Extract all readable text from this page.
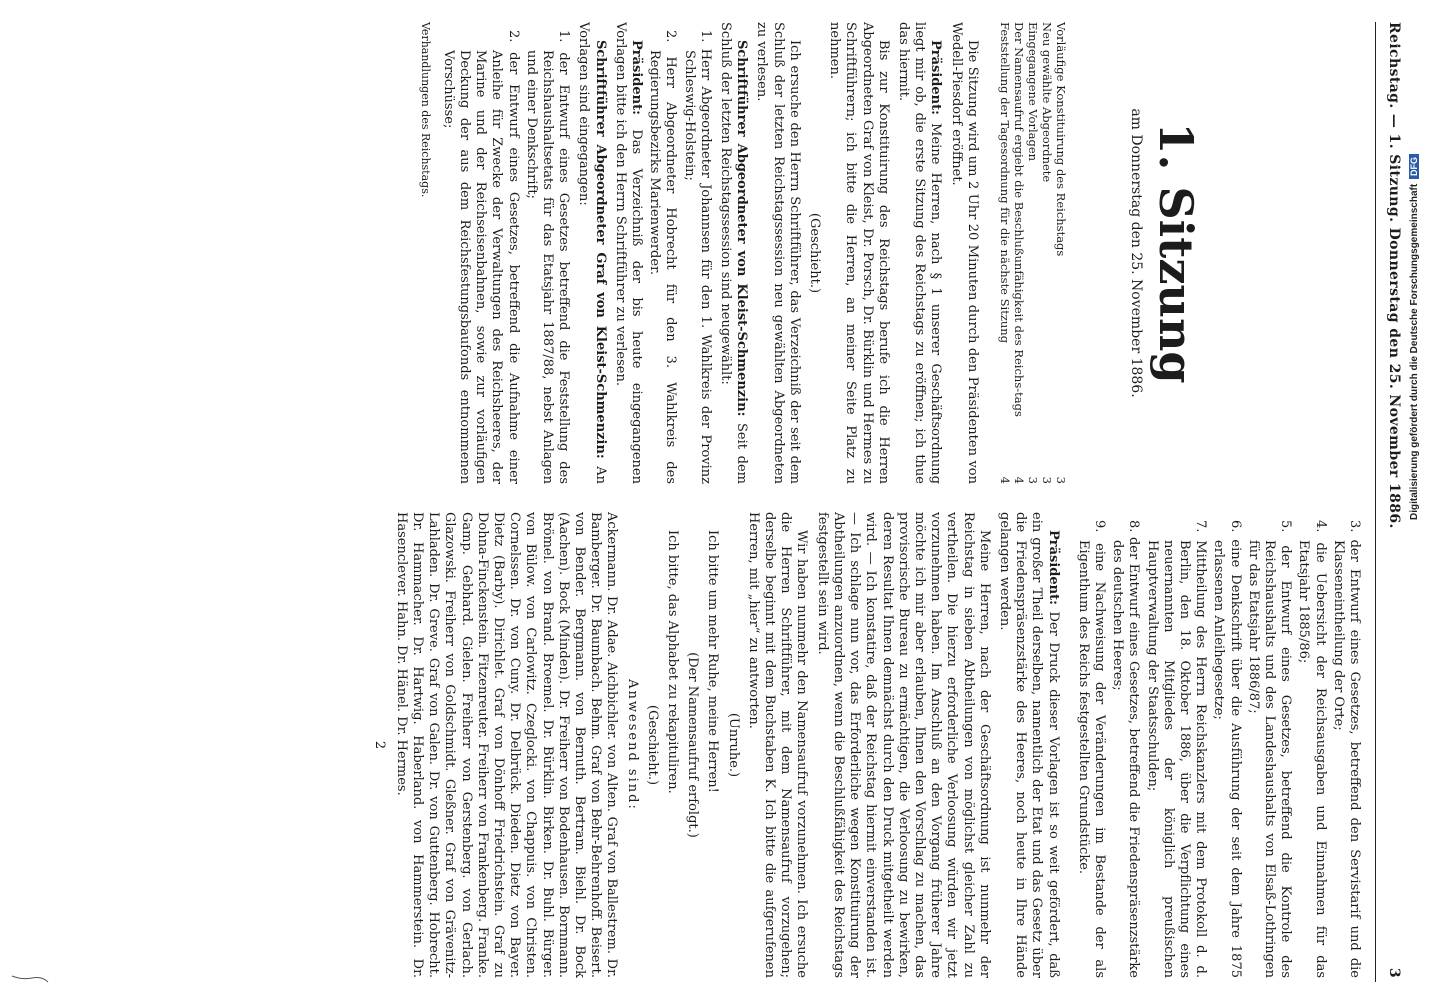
Reichstag. — 1. Sitzung. Donnerstag den 25. November 1886.
3
1. Sitzung
am Donnerstag den 25. November 1886.
Vorläufige Konstituirung des Reichstags
3
Neu gewählte Abgeordnete
3
Eingegangene Vorlagen
3
Der Namensaufruf ergiebt die Beschlußunfähigkeit des Reichs-tags
4
Feststellung der Tagesordnung für die nächste Sitzung
4

Die Sitzung wird um 2 Uhr 20 Minuten durch den Präsidenten von Wedell-Piesdorf eröffnet.

Präsident: Meine Herren, nach § 1 unserer Geschäftsordnung liegt mir ob, die erste Sitzung des Reichstags zu eröffnen; ich thue das hiermit.

Bis zur Konstituirung des Reichstags berufe ich die Herren Abgeordneten Graf von Kleist, Dr. Porsch, Dr. Bürklin und Hermes zu Schriftführern; ich bitte die Herren, an meiner Seite Platz zu nehmen.

(Geschieht.)

Ich ersuche den Herrn Schriftführer, das Verzeichniß der seit dem Schluß der letzten Reichstagssession neu gewählten Abgeordneten zu verlesen.

Schriftführer Abgeordneter von Kleist-Schmenzin: Seit dem Schluß der letzten Reichstagssession sind neugewählt:

1. Herr Abgeordneter Johannsen für den 1. Wahlkreis der Provinz Schleswig-Holstein;

2. Herr Abgeordneter Hobrecht für den 3. Wahlkreis des Regierungsbezirks Marienwerder.

Präsident: Das Verzeichniß der bis heute eingegangenen Vorlagen bitte ich den Herrn Schriftführer zu verlesen.

Schriftführer Abgeordneter Graf von Kleist-Schmenzin: An Vorlagen sind eingegangen:

1. der Entwurf eines Gesetzes betreffend die Feststellung des Reichshaushaltsetats für das Etatsjahr 1887/88, nebst Anlagen und einer Denkschrift;

2. der Entwurf eines Gesetzes, betreffend die Aufnahme einer Anleihe für Zwecke der Verwaltungen des Reichsheeres, der Marine und der Reichseisenbahnen, sowie zur vorläufigen Deckung der aus dem Reichsfestungsbaufonds entnommenen Vorschüsse;

Verhandlungen des Reichstags.

3. der Entwurf eines Gesetzes, betreffend den Servistarif und die Klasseneintheilung der Orte;

4. die Uebersicht der Reichsausgaben und Einnahmen für das Etatsjahr 1885/86;

5. der Entwurf eines Gesetzes, betreffend die Kontrole des Reichshaushalts und des Landeshaushalts von Elsaß-Lothringen für das Etatsjahr 1886/87;

6. eine Denkschrift über die Ausführung der seit dem Jahre 1875 erlassenen Anleihegesetze;

7. Mittheilung des Herrn Reichskanzlers mit dem Protokoll d. d. Berlin, den 18. Oktober 1886, über die Verpflichtung eines neuernannten Mitgliedes der königlich preußischen Hauptverwaltung der Staatsschulden;

8. der Entwurf eines Gesetzes, betreffend die Friedenspräsenzstärke des deutschen Heeres;

9. eine Nachweisung der Veränderungen im Bestande der als Eigenthum des Reichs festgestellten Grundstücke.

Präsident: Der Druck dieser Vorlagen ist so weit gefördert, daß ein großer Theil derselben, namentlich der Etat und das Gesetz über die Friedenspräsenzstärke des Heeres, noch heute in Ihre Hände gelangen werden.

Meine Herren, nach der Geschäftsordnung ist nunmehr der Reichstag in sieben Abtheilungen von möglichst gleicher Zahl zu vertheilen. Die hierzu erforderliche Verloosung würden wir jetzt vorzunehmen haben. Im Anschluß an den Vorgang früherer Jahre möchte ich mir aber erlauben, Ihnen den Vorschlag zu machen, das provisorische Bureau zu ermächtigen, die Verloosung zu bewirken, deren Resultat Ihnen demnächst durch den Druck mitgetheilt werden wird. — Ich konstatire, daß der Reichstag hiermit einverstanden ist. — Ich schlage nun vor, das Erforderliche wegen Konstituirung der Abtheilungen anzuordnen, wenn die Beschlußfähigkeit des Reichstags festgestellt sein wird.

Wir haben nunmehr den Namensaufruf vorzunehmen. Ich ersuche die Herren Schriftführer, mit dem Namensaufruf vorzugehen; derselbe beginnt mit dem Buchstaben K. Ich bitte die aufgerufenen Herren, mit „hier“ zu antworten.

(Unruhe.)

Ich bitte um mehr Ruhe, meine Herren!

(Der Namensaufruf erfolgt.)

Ich bitte, das Alphabet zu rekapituliren.

(Geschieht.)

Anwesend sind:

Ackermann. Dr. Adae. Aichbichler. von Alten. Graf von Ballestrem. Dr. Bamberger. Dr. Baumbach. Behm. Graf von Behr-Behrenhoff. Beisert. von Bender. Bergmann. von Bernuth. Bertram. Biehl. Dr. Bock (Aachen). Bock (Minden). Dr. Freiherr von Bodenhausen. Bornmann. Brömel. von Brand. Broemel. Dr. Bürklin. Birken. Dr. Buhl. Bürger. von Bülow. von Carlowitz. Czeglocki. von Chappuis. von Christen. Cornelssen. Dr. von Cuny. Dr. Delbrück. Dieden. Dietz von Bayer. Dietz (Barby). Dirichlet. Graf von Dönhoff Friedrichstein. Graf zu Dohna-Finckenstein. Fitzenreuter. Freiherr von Frankenberg. Franke. Gamp. Gebhard. Gielen. Freiherr von Gerstenberg. von Gerlach. Glazowski. Freiherr von Goldschmidt. Gleßner. Graf von Grävenitz-Lahladen. Dr. Greve. Graf von Galen. Dr. von Guttenberg. Hobrecht. Dr. Hammacher. Dr. Hartwig. Haberland. von Hammerstein. Dr. Hasenclever. Hahn. Dr. Hänel. Dr. Hermes.

2

Digitalisierung gefördert durch die Deutsche Forschungsgemeinschaft DFG
